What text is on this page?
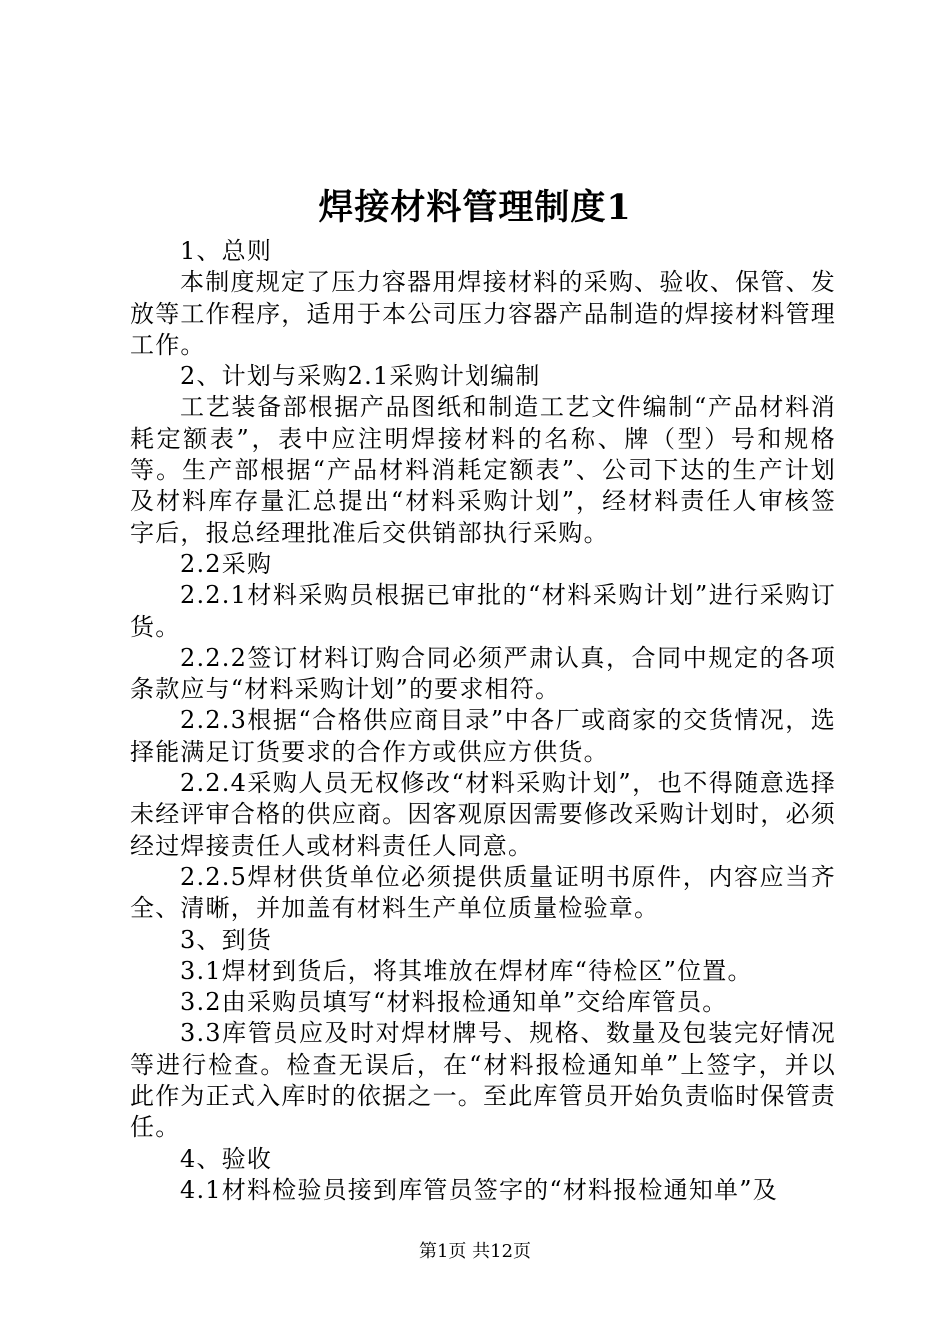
焊接材料管理制度1

1、总则

本制度规定了压力容器用焊接材料的采购、验收、保管、发放等工作程序，适用于本公司压力容器产品制造的焊接材料管理工作。

2、计划与采购2.1采购计划编制

工艺装备部根据产品图纸和制造工艺文件编制“产品材料消耗定额表”，表中应注明焊接材料的名称、牌（型）号和规格等。生产部根据“产品材料消耗定额表”、公司下达的生产计划及材料库存量汇总提出“材料采购计划”，经材料责任人审核签字后，报总经理批准后交供销部执行采购。

2.2采购

2.2.1材料采购员根据已审批的“材料采购计划”进行采购订货。

2.2.2签订材料订购合同必须严肃认真，合同中规定的各项条款应与“材料采购计划”的要求相符。

2.2.3根据“合格供应商目录”中各厂或商家的交货情况，选择能满足订货要求的合作方或供应方供货。

2.2.4采购人员无权修改“材料采购计划”，也不得随意选择未经评审合格的供应商。因客观原因需要修改采购计划时，必须经过焊接责任人或材料责任人同意。

2.2.5焊材供货单位必须提供质量证明书原件，内容应当齐全、清晰，并加盖有材料生产单位质量检验章。

3、到货

3.1焊材到货后，将其堆放在焊材库“待检区”位置。

3.2由采购员填写“材料报检通知单”交给库管员。

3.3库管员应及时对焊材牌号、规格、数量及包装完好情况等进行检查。检查无误后，在“材料报检通知单”上签字，并以此作为正式入库时的依据之一。至此库管员开始负责临时保管责任。

4、验收

4.1材料检验员接到库管员签字的“材料报检通知单”及

第1页 共12页
